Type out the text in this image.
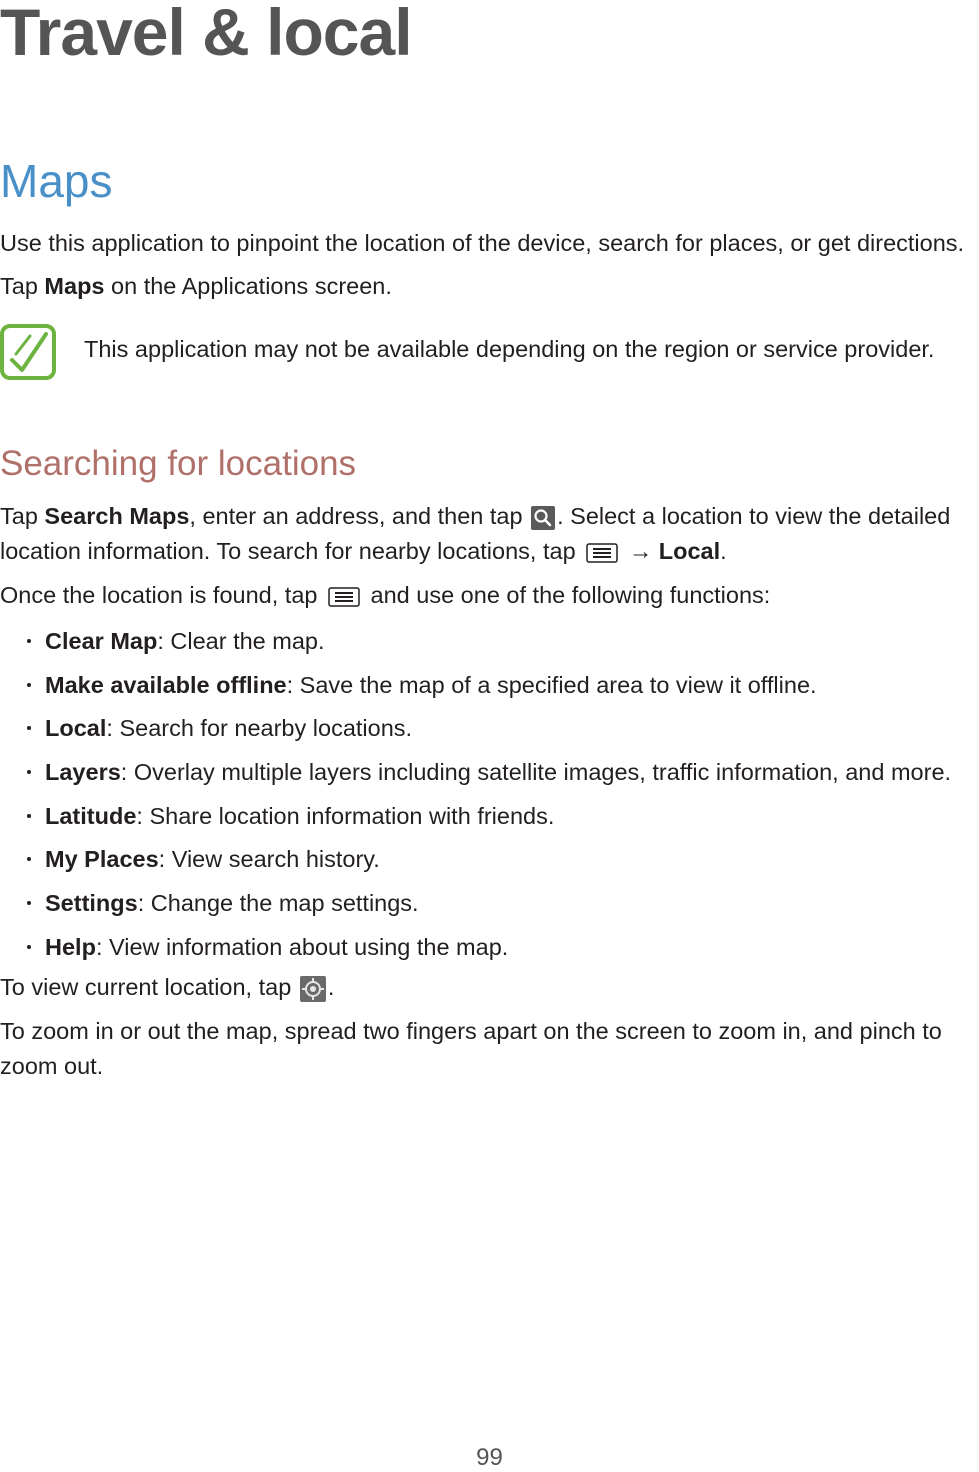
Travel & local
Maps
Use this application to pinpoint the location of the device, search for places, or get directions.
Tap Maps on the Applications screen.
This application may not be available depending on the region or service provider.
Searching for locations
Tap Search Maps, enter an address, and then tap
. Select a location to view the detailed
location information. To search for nearby locations, tap
→ Local.
Once the location is found, tap
and use one of the following functions:
Clear Map: Clear the map.
Make available offline: Save the map of a specified area to view it offline.
Local: Search for nearby locations.
Layers: Overlay multiple layers including satellite images, traffic information, and more.
Latitude: Share location information with friends.
My Places: View search history.
Settings: Change the map settings.
Help: View information about using the map.
To view current location, tap
.
To zoom in or out the map, spread two fingers apart on the screen to zoom in, and pinch to zoom out.
99
